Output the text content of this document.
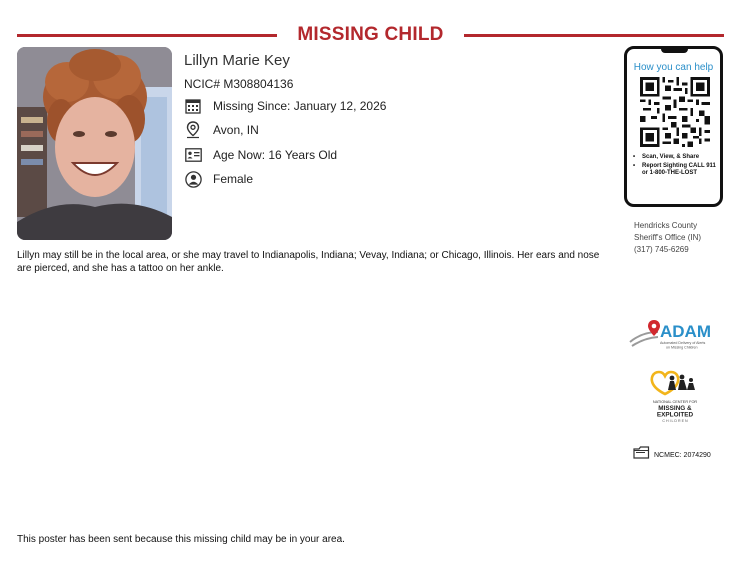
MISSING CHILD
Lillyn Marie Key
NCIC# M308804136
Missing Since: January 12, 2026
Avon, IN
Age Now: 16 Years Old
Female
Lillyn may still be in the local area, or she may travel to Indianapolis, Indiana; Vevay, Indiana; or Chicago, Illinois. Her ears and nose are pierced, and she has a tattoo on her ankle.
How you can help
• Scan, View, & Share
• Report Sighting CALL 911 or 1-800-THE-LOST
Hendricks County
Sheriff's Office (IN)
(317) 745-6269
ADAM
Automated Delivery of Alerts
on Missing Children
NATIONAL CENTER FOR
MISSING &
EXPLOITED
C H I L D R E N
NCMEC: 2074290
This poster has been sent because this missing child may be in your area.
